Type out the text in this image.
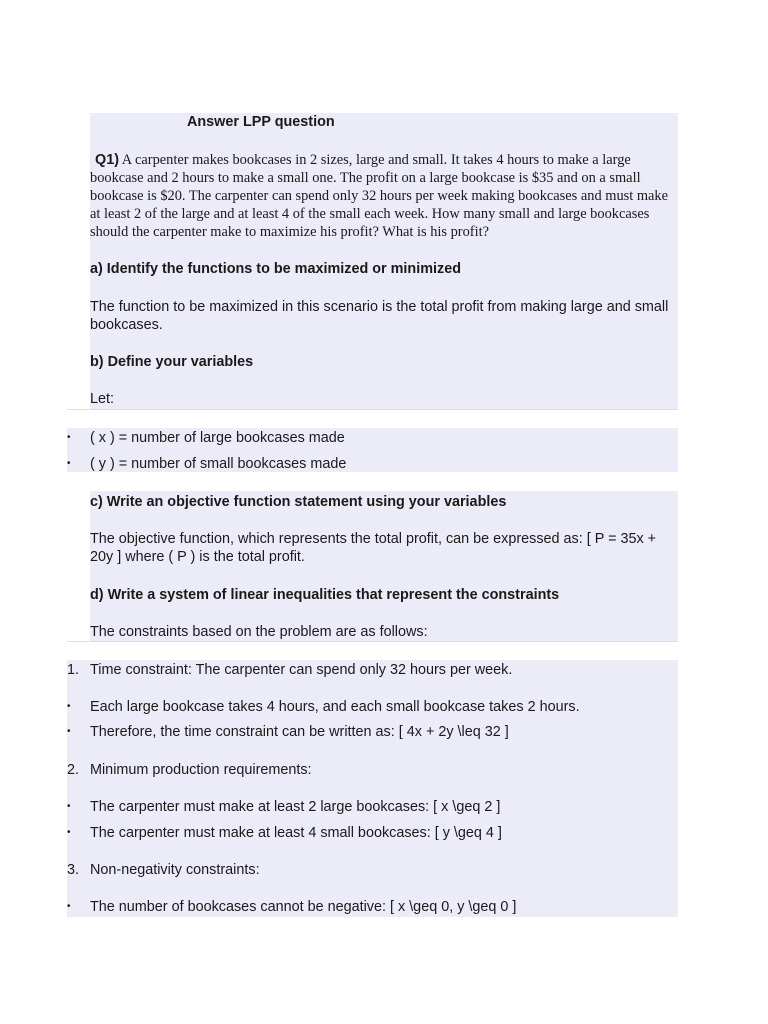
Answer LPP question
Q1) A carpenter makes bookcases in 2 sizes, large and small. It takes 4 hours to make a large bookcase and 2 hours to make a small one. The profit on a large bookcase is $35 and on a small bookcase is $20. The carpenter can spend only 32 hours per week making bookcases and must make at least 2 of the large and at least 4 of the small each week. How many small and large bookcases should the carpenter make to maximize his profit? What is his profit?
a) Identify the functions to be maximized or minimized
The function to be maximized in this scenario is the total profit from making large and small bookcases.
b) Define your variables
Let:
• ( x ) = number of large bookcases made
• ( y ) = number of small bookcases made
c) Write an objective function statement using your variables
The objective function, which represents the total profit, can be expressed as: [ P = 35x + 20y ] where ( P ) is the total profit.
d) Write a system of linear inequalities that represent the constraints
The constraints based on the problem are as follows:
1. Time constraint: The carpenter can spend only 32 hours per week.
• Each large bookcase takes 4 hours, and each small bookcase takes 2 hours.
• Therefore, the time constraint can be written as: [ 4x + 2y \leq 32 ]
2. Minimum production requirements:
• The carpenter must make at least 2 large bookcases: [ x \geq 2 ]
• The carpenter must make at least 4 small bookcases: [ y \geq 4 ]
3. Non-negativity constraints:
• The number of bookcases cannot be negative: [ x \geq 0, y \geq 0 ]
